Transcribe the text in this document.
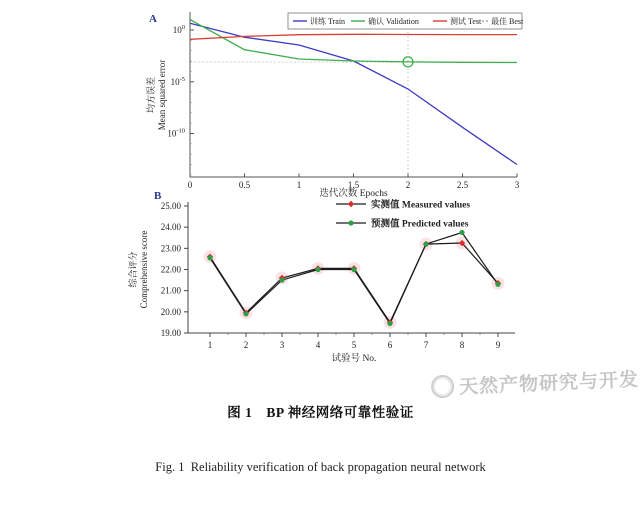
A
0	0.5	1	1.5	2	2.5	3
$10^0$
$10^{-5}$
$10^{-10}$
训练 Train	确认 Validation	测试 Test 最佳 Best
迭代次数 Epochs
均方误差 Mean squared error
B
19.00
20.00
21.00
22.00
23.00
24.00
25.00
1	2	3	4	5	6	7	8	9
实测值 Measured values
预测值 Predicted values
试验号 No.
综合评分 Comprehensive score

图 1　BP 神经网络可靠性验证

Fig. 1  Reliability verification of back propagation neural network

天然产物研究与开发
